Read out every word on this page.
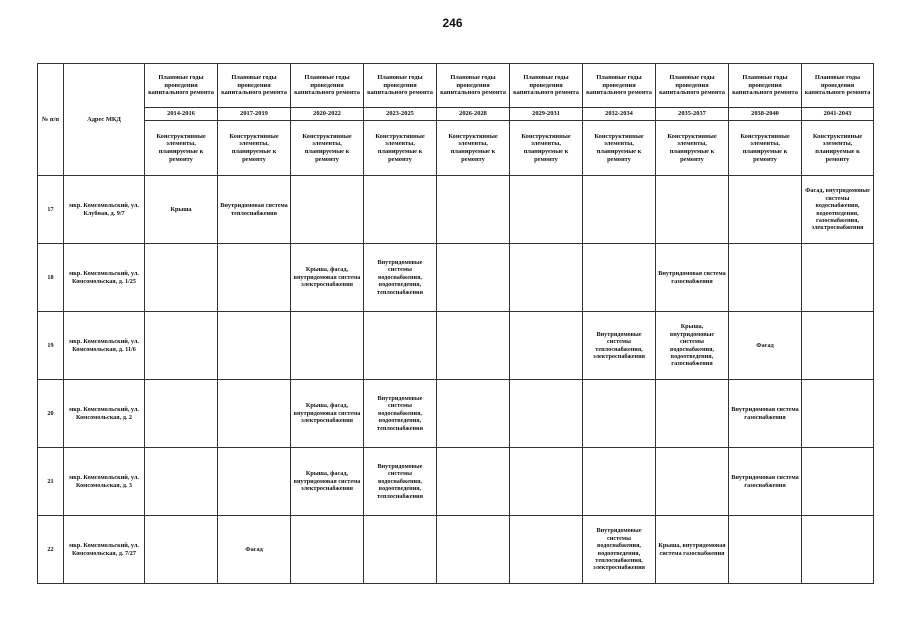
246
№ п/п	Адрес МКД	Плановые годы проведения капитального ремонта	Плановые годы проведения капитального ремонта	Плановые годы проведения капитального ремонта	Плановые годы проведения капитального ремонта	Плановые годы проведения капитального ремонта	Плановые годы проведения капитального ремонта	Плановые годы проведения капитального ремонта	Плановые годы проведения капитального ремонта	Плановые годы проведения капитального ремонта	Плановые годы проведения капитального ремонта
		2014-2016	2017-2019	2020-2022	2023-2025	2026-2028	2029-2031	2032-2034	2035-2037	2038-2040	2041-2043
		Конструктивные элементы, планируемые к ремонту	Конструктивные элементы, планируемые к ремонту	Конструктивные элементы, планируемые к ремонту	Конструктивные элементы, планируемые к ремонту	Конструктивные элементы, планируемые к ремонту	Конструктивные элементы, планируемые к ремонту	Конструктивные элементы, планируемые к ремонту	Конструктивные элементы, планируемые к ремонту	Конструктивные элементы, планируемые к ремонту	Конструктивные элементы, планируемые к ремонту
17	мкр. Комсомольский, ул. Клубная, д. 9/7	Крыша	Внутридомовая система теплоснабжения								Фасад, внутридомовые системы водоснабжения, водоотведения, газоснабжения, электроснабжения
18	мкр. Комсомольский, ул. Комсомольская, д. 1/25			Крыша, фасад, внутридомовая система электроснабжения	Внутридомовые системы водоснабжения, водоотведения, теплоснабжения				Внутридомовая система газоснабжения		
19	мкр. Комсомольский, ул. Комсомольская, д. 11/6							Внутридомовые системы теплоснабжения, электроснабжения	Крыша, внутридомовые системы водоснабжения, водоотведения, газоснабжения	Фасад	
20	мкр. Комсомольский, ул. Комсомольская, д. 2			Крыша, фасад, внутридомовая система электроснабжения	Внутридомовые системы водоснабжения, водоотведения, теплоснабжения					Внутридомовая система газоснабжения	
21	мкр. Комсомольский, ул. Комсомольская, д. 3			Крыша, фасад, внутридомовая система электроснабжения	Внутридомовые системы водоснабжения, водоотведения, теплоснабжения					Внутридомовая система газоснабжения	
22	мкр. Комсомольский, ул. Комсомольская, д. 7/27		Фасад					Внутридомовые системы водоснабжения, водоотведения, теплоснабжения, электроснабжения	Крыша, внутридомовая система газоснабжения		
